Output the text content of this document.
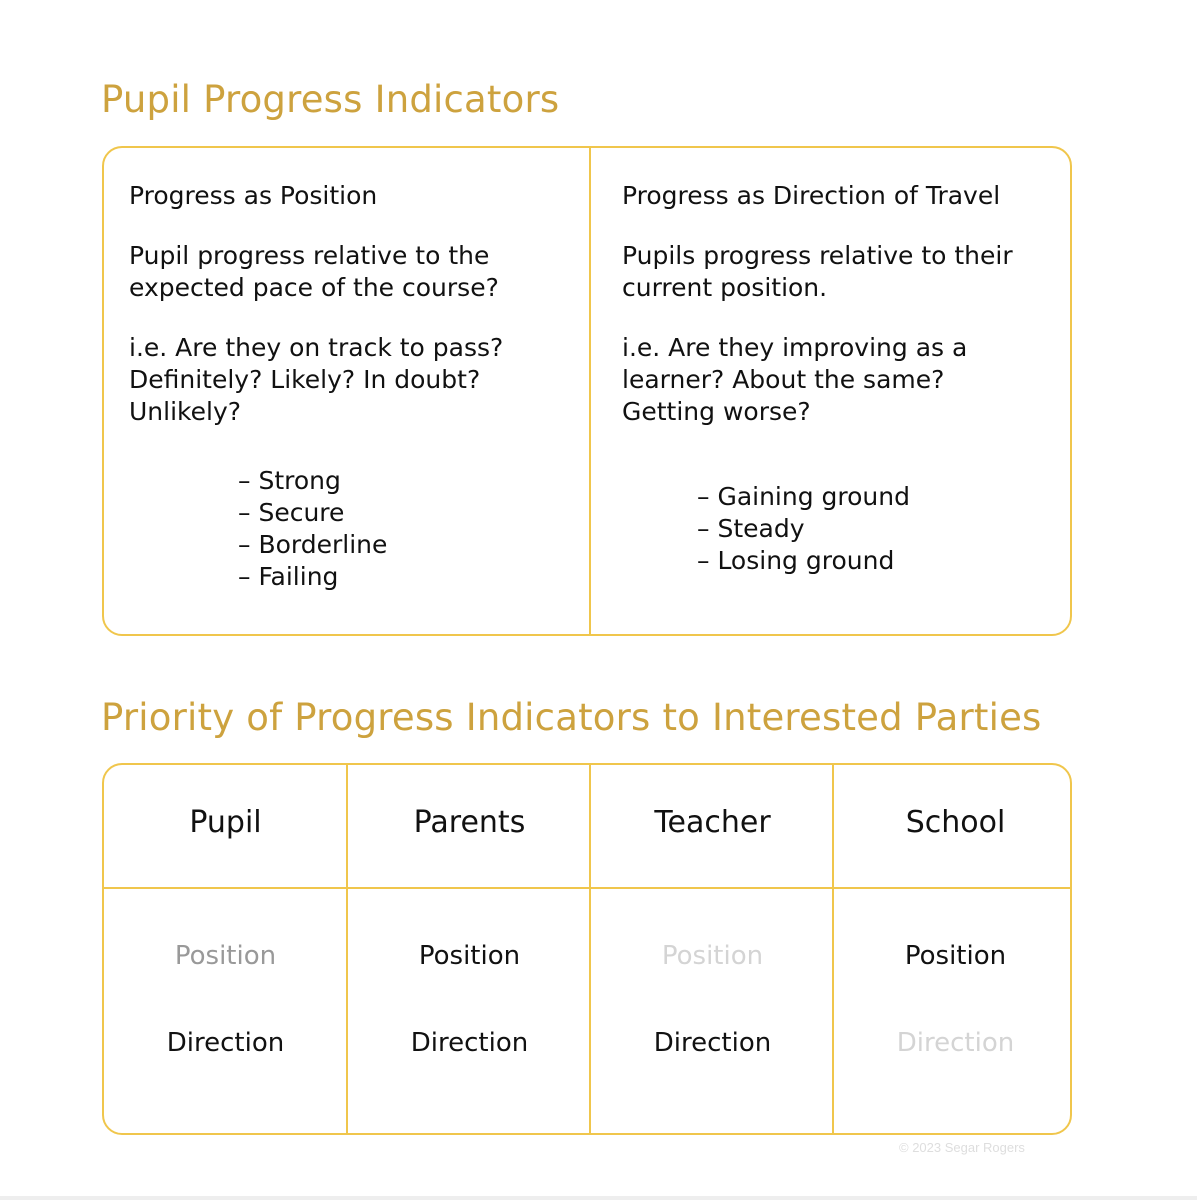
Pupil Progress Indicators
Progress as Position
Pupil progress relative to the
expected pace of the course?
i.e. Are they on track to pass?
Definitely? Likely? In doubt?
Unlikely?
– Strong
– Secure
– Borderline
– Failing
Progress as Direction of Travel
Pupils progress relative to their
current position.
i.e. Are they improving as a
learner? About the same?
Getting worse?
– Gaining ground
– Steady
– Losing ground
Priority of Progress Indicators to Interested Parties
Pupil	Parents	Teacher	School
Position	Position	Position	Position
Direction	Direction	Direction	Direction
© 2023 Segar Rogers
